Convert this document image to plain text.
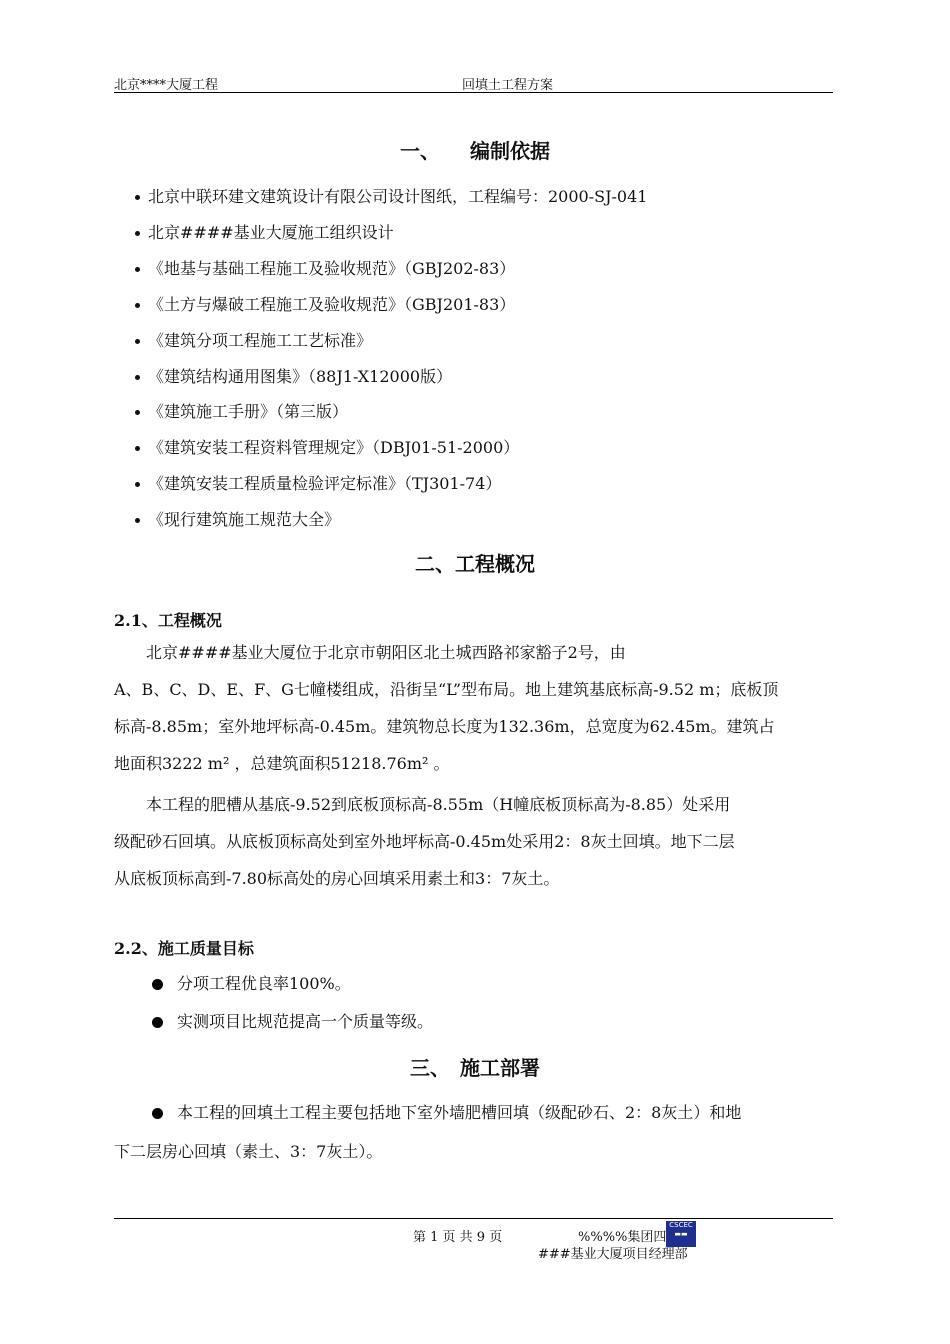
北京****大厦工程	回填土工程方案
一、　　编制依据
北京中联环建文建筑设计有限公司设计图纸，工程编号：2000-SJ-041
北京####基业大厦施工组织设计
《地基与基础工程施工及验收规范》（GBJ202-83）
《土方与爆破工程施工及验收规范》（GBJ201-83）
《建筑分项工程施工工艺标准》
《建筑结构通用图集》（88J1-X12000版）
《建筑施工手册》（第三版）
《建筑安装工程资料管理规定》（DBJ01-51-2000）
《建筑安装工程质量检验评定标准》（TJ301-74）
《现行建筑施工规范大全》
二、工程概况
2.1、工程概况
　　北京####基业大厦位于北京市朝阳区北土城西路祁家豁子2号，由
A、B、C、D、E、F、G七幢楼组成，沿街呈“L”型布局。地上建筑基底标高-9.52 m；底板顶
标高-8.85m；室外地坪标高-0.45m。建筑物总长度为132.36m，总宽度为62.45m。建筑占
地面积3222 m² ，总建筑面积51218.76m² 。
　　本工程的肥槽从基底-9.52到底板顶标高-8.55m（H幢底板顶标高为-8.85）处采用
级配砂石回填。从底板顶标高处到室外地坪标高-0.45m处采用2：8灰土回填。地下二层
从底板顶标高到-7.80标高处的房心回填采用素土和3：7灰土。
2.2、施工质量目标
分项工程优良率100%。
实测项目比规范提高一个质量等级。
三、　施工部署
本工程的回填土工程主要包括地下室外墙肥槽回填（级配砂石、2：8灰土）和地
下二层房心回填（素土、3：7灰土）。
第 1 页 共 9 页	%%%%集团四
CSCEC
▬▬
###基业大厦项目经理部
